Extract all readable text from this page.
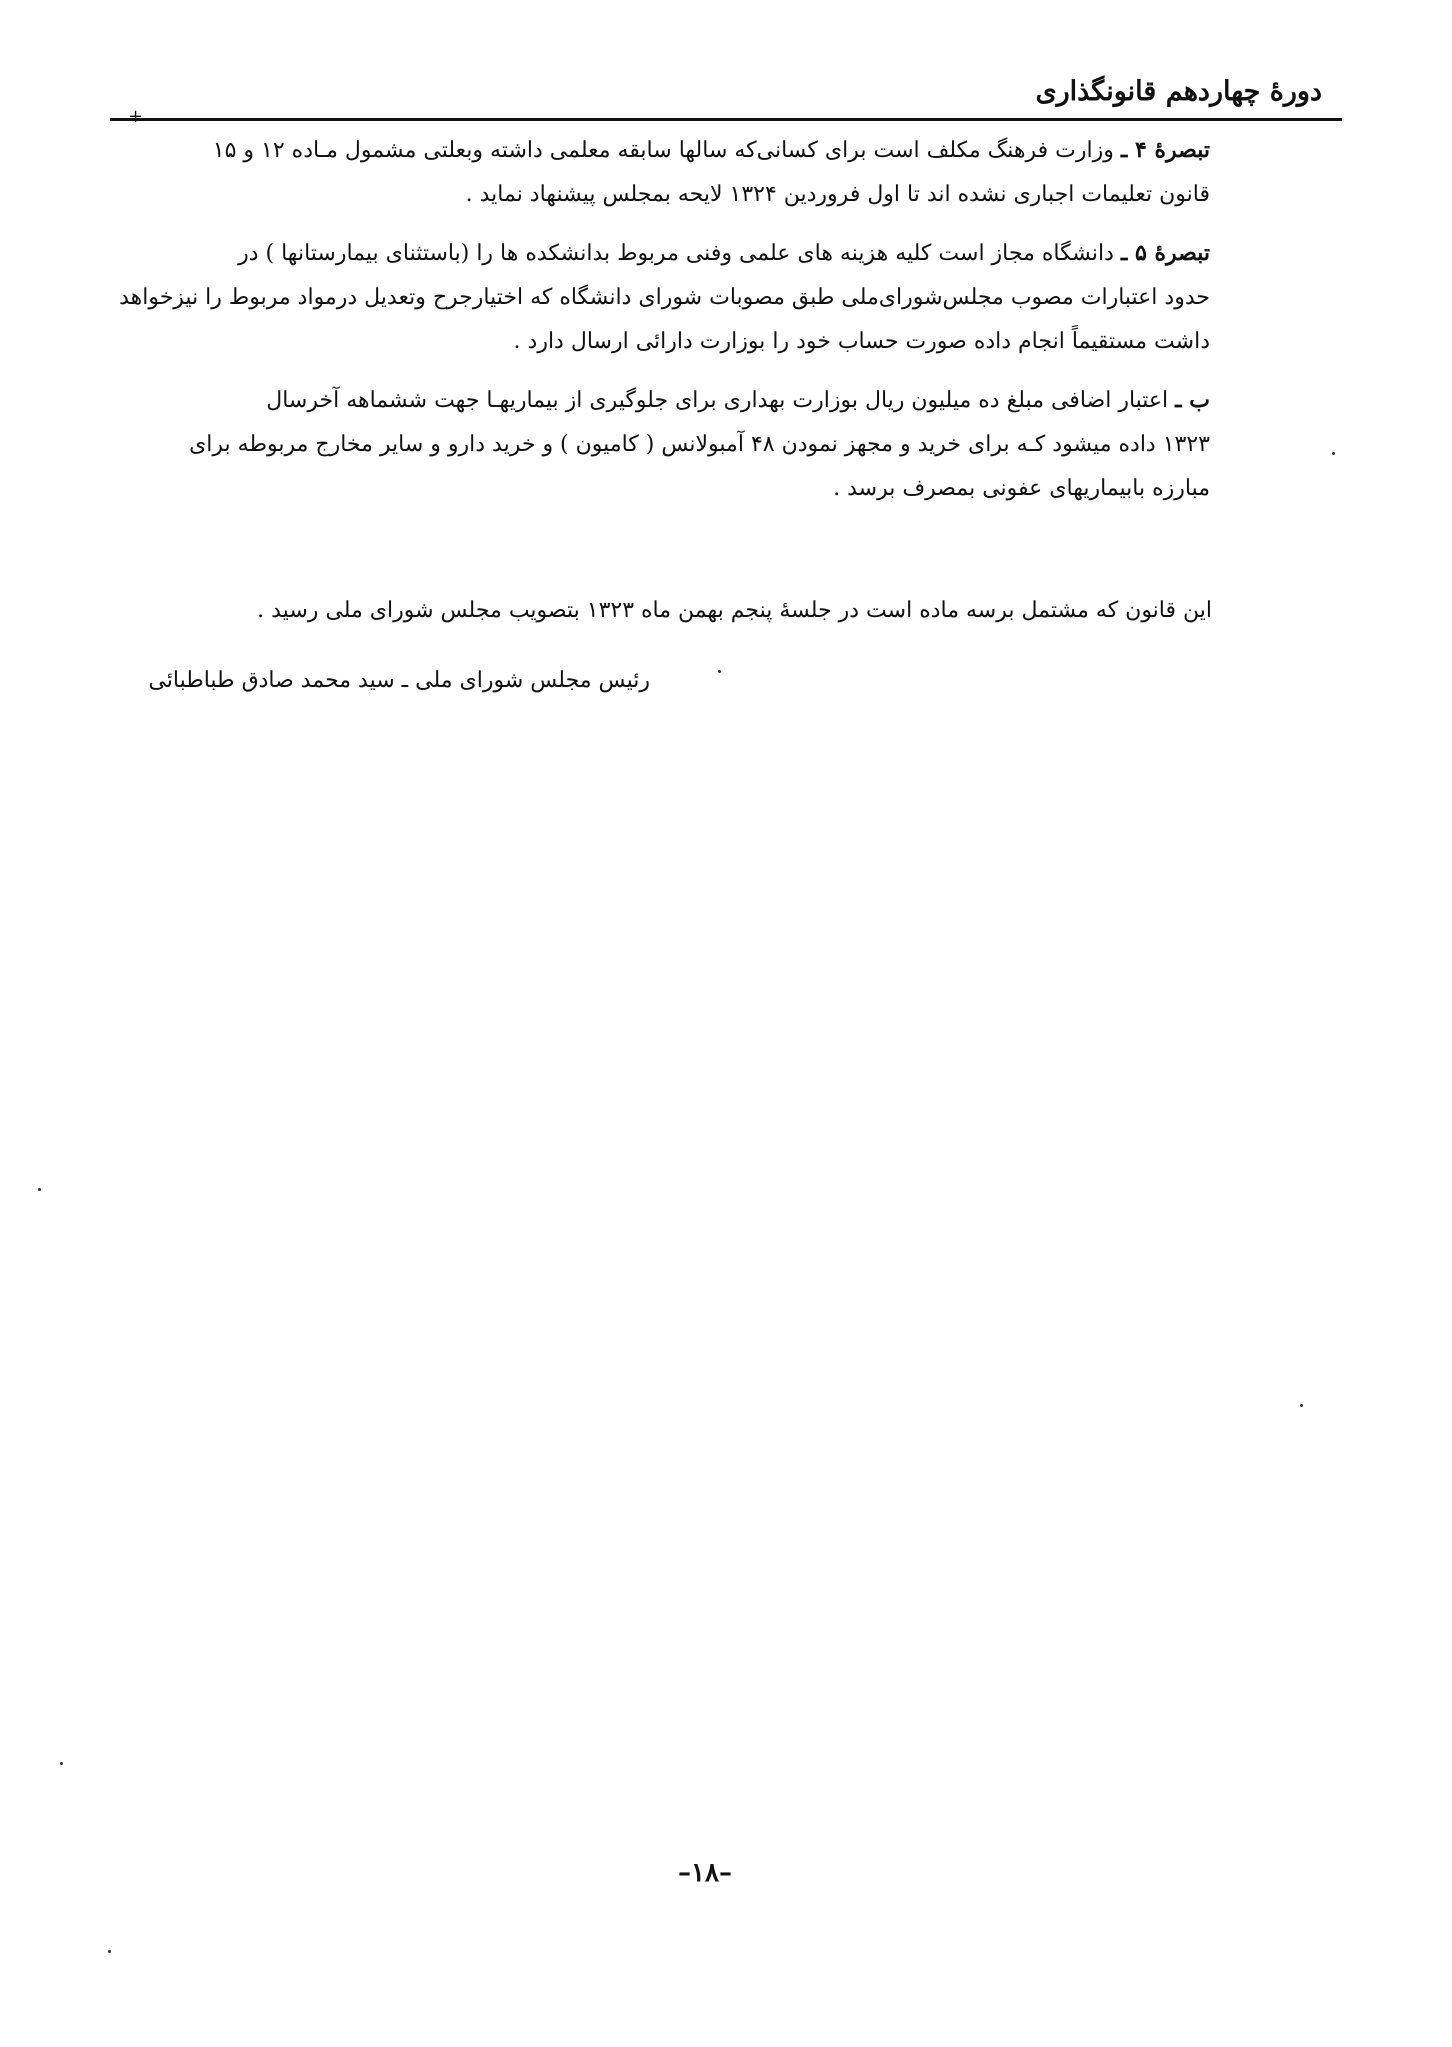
دورهٔ چهاردهم قانونگذاری
+

تبصرهٔ ۴ ـ وزارت فرهنگ مکلف است برای کسانی‌که سالها سابقه معلمی داشته وبعلتی مشمول مـاده ۱۲ و ۱۵
قانون تعلیمات اجباری نشده اند تا اول فروردین ۱۳۲۴ لایحه بمجلس پیشنهاد نماید .

تبصرهٔ ۵ ـ دانشگاه مجاز است کلیه هزینه های علمی وفنی مربوط بدانشکده ها را (باستثنای بیمارستانها ) در
حدود اعتبارات مصوب مجلس‌شورای‌ملی طبق مصوبات شورای دانشگاه که اختیارجرح وتعدیل درمواد مربوط را نیزخواهد
داشت مستقیماً انجام داده صورت حساب خود را بوزارت دارائی ارسال دارد .

ب ـ اعتبار اضافی مبلغ ده میلیون ریال بوزارت بهداری برای جلوگیری از بیماریهـا جهت ششماهه آخرسال
۱۳۲۳ داده میشود کـه برای خرید و مجهز نمودن ۴۸ آمبولانس ( کامیون ) و خرید دارو و سایر مخارج مربوطه برای
مبارزه بابیماریهای عفونی بمصرف برسد .

این قانون که مشتمل برسه ماده است در جلسهٔ پنجم بهمن ماه ۱۳۲۳ بتصویب مجلس شورای ملی رسید .
رئیس مجلس شورای ملی ـ سید محمد صادق طباطبائی
–۱۸–
